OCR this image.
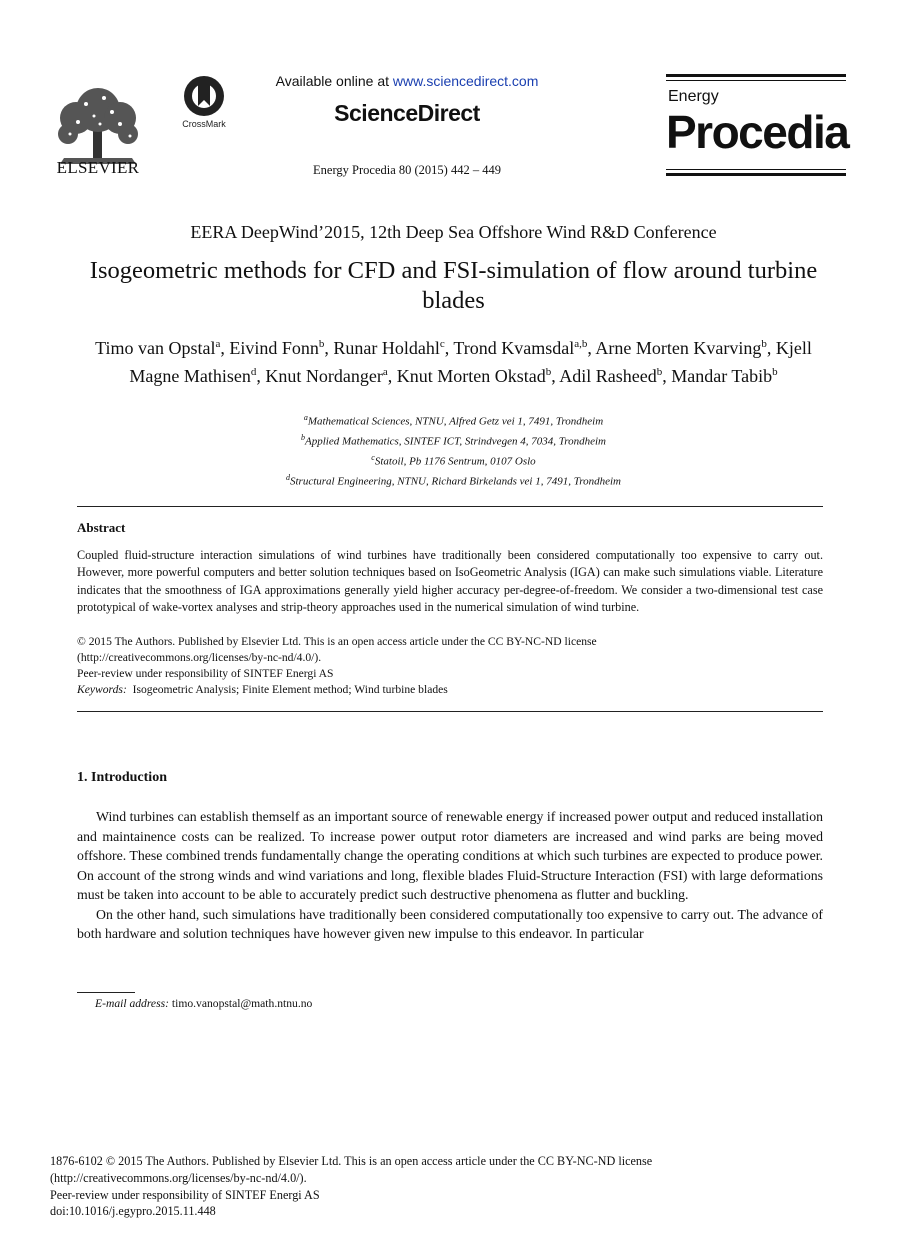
ELSEVIER
CrossMark
Available online at www.sciencedirect.com
ScienceDirect
Energy Procedia 80 (2015) 442 – 449
Energy
Procedia
EERA DeepWind’2015, 12th Deep Sea Offshore Wind R&D Conference
Isogeometric methods for CFD and FSI-simulation of flow around turbine blades
Timo van Opstal$^a$, Eivind Fonn$^b$, Runar Holdahl$^c$, Trond Kvamsdal$^{a,b}$, Arne Morten Kvarving$^b$, Kjell Magne Mathisen$^d$, Knut Nordanger$^a$, Knut Morten Okstad$^b$, Adil Rasheed$^b$, Mandar Tabib$^b$
$^a$Mathematical Sciences, NTNU, Alfred Getz vei 1, 7491, Trondheim
$^b$Applied Mathematics, SINTEF ICT, Strindvegen 4, 7034, Trondheim
$^c$Statoil, Pb 1176 Sentrum, 0107 Oslo
$^d$Structural Engineering, NTNU, Richard Birkelands vei 1, 7491, Trondheim
Abstract
Coupled fluid-structure interaction simulations of wind turbines have traditionally been considered computationally too expensive to carry out. However, more powerful computers and better solution techniques based on IsoGeometric Analysis (IGA) can make such simulations viable. Literature indicates that the smoothness of IGA approximations generally yield higher accuracy per-degree-of-freedom. We consider a two-dimensional test case prototypical of wake-vortex analyses and strip-theory approaches used in the numerical simulation of wind turbine.
© 2015 The Authors. Published by Elsevier Ltd. This is an open access article under the CC BY-NC-ND license
(http://creativecommons.org/licenses/by-nc-nd/4.0/).
Peer-review under responsibility of SINTEF Energi AS
Keywords: Isogeometric Analysis; Finite Element method; Wind turbine blades
1. Introduction

Wind turbines can establish themself as an important source of renewable energy if increased power output and reduced installation and maintainence costs can be realized. To increase power output rotor diameters are increased and wind parks are being moved offshore. These combined trends fundamentally change the operating conditions at which such turbines are expected to produce power. On account of the strong winds and wind variations and long, flexible blades Fluid-Structure Interaction (FSI) with large deformations must be taken into account to be able to accurately predict such destructive phenomena as flutter and buckling.

On the other hand, such simulations have traditionally been considered computationally too expensive to carry out. The advance of both hardware and solution techniques have however given new impulse to this endeavor. In particular

E-mail address: timo.vanopstal@math.ntnu.no
1876-6102 © 2015 The Authors. Published by Elsevier Ltd. This is an open access article under the CC BY-NC-ND license
(http://creativecommons.org/licenses/by-nc-nd/4.0/).
Peer-review under responsibility of SINTEF Energi AS
doi:10.1016/j.egypro.2015.11.448
